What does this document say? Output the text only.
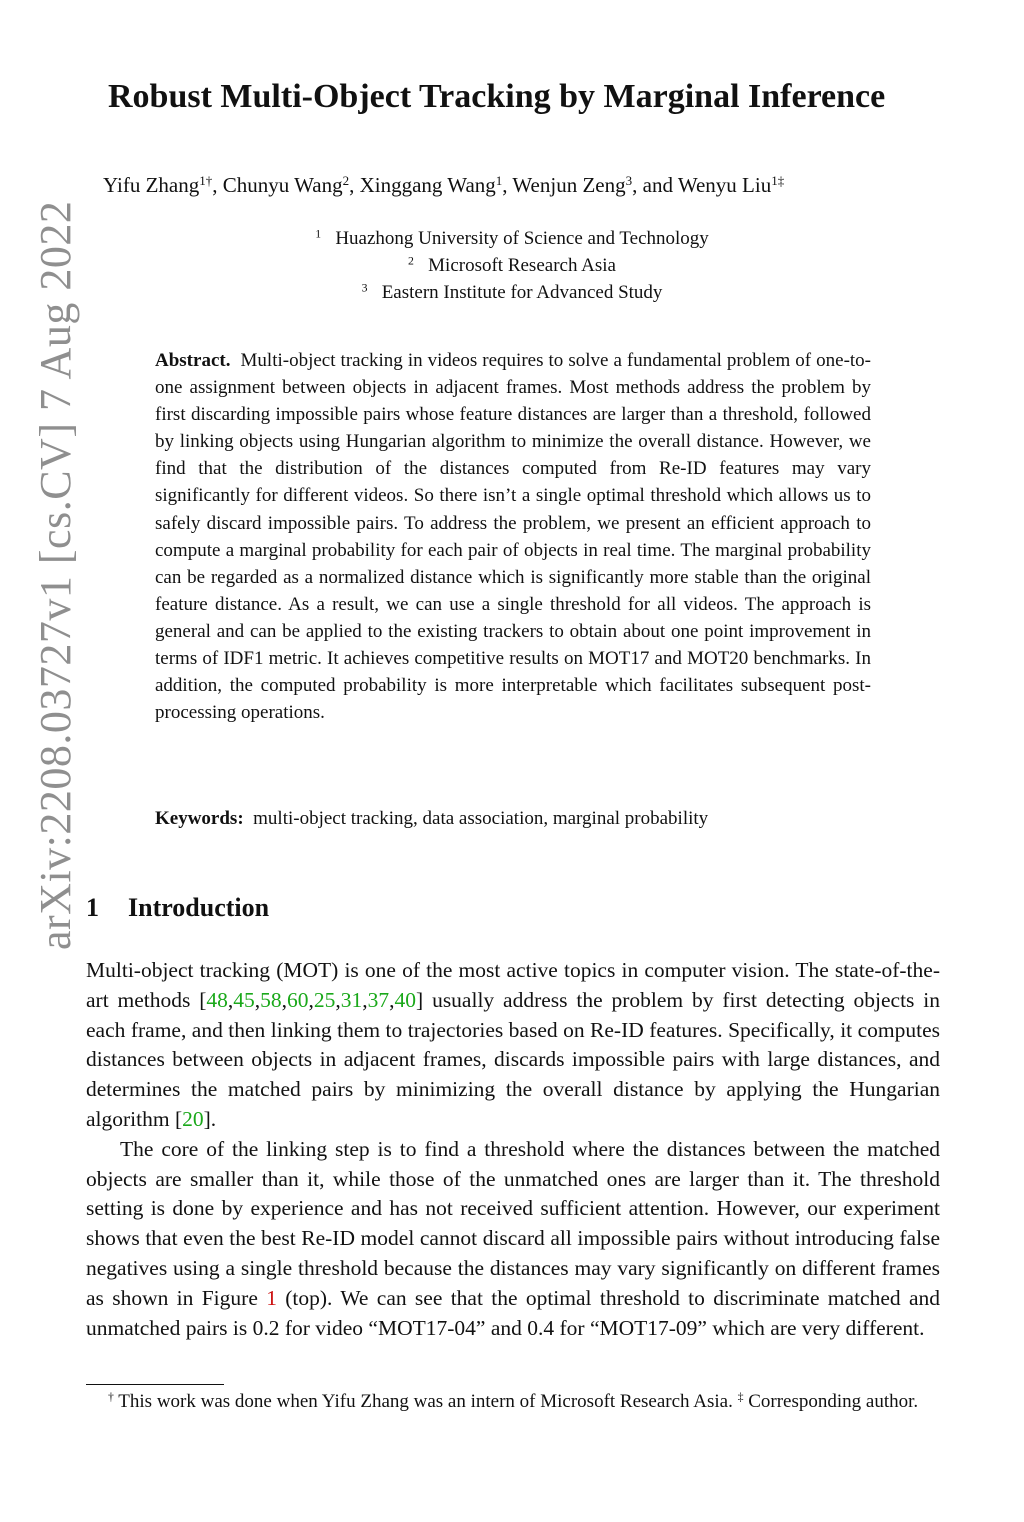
arXiv:2208.03727v1 [cs.CV] 7 Aug 2022
Robust Multi-Object Tracking by Marginal Inference
Yifu Zhang$^{1\dagger}$, Chunyu Wang$^2$, Xinggang Wang$^1$, Wenjun Zeng$^3$, and Wenyu Liu$^{1\ddagger}$
$^1$ Huazhong University of Science and Technology
$^2$ Microsoft Research Asia
$^3$ Eastern Institute for Advanced Study
Abstract. Multi-object tracking in videos requires to solve a fundamental problem of one-to-one assignment between objects in adjacent frames. Most methods address the problem by first discarding impossible pairs whose feature distances are larger than a threshold, followed by linking objects using Hungarian algorithm to minimize the overall distance. However, we find that the distribution of the distances computed from Re-ID features may vary significantly for different videos. So there isn’t a single optimal threshold which allows us to safely discard impossible pairs. To address the problem, we present an efficient approach to compute a marginal probability for each pair of objects in real time. The marginal probability can be regarded as a normalized distance which is significantly more stable than the original feature distance. As a result, we can use a single threshold for all videos. The approach is general and can be applied to the existing trackers to obtain about one point improvement in terms of IDF1 metric. It achieves competitive results on MOT17 and MOT20 benchmarks. In addition, the computed probability is more interpretable which facilitates subsequent post-processing operations.
Keywords: multi-object tracking, data association, marginal probability
1 Introduction

Multi-object tracking (MOT) is one of the most active topics in computer vision. The state-of-the-art methods [48,45,58,60,25,31,37,40] usually address the problem by first detecting objects in each frame, and then linking them to trajectories based on Re-ID features. Specifically, it computes distances between objects in adjacent frames, discards impossible pairs with large distances, and determines the matched pairs by minimizing the overall distance by applying the Hungarian algorithm [20].

The core of the linking step is to find a threshold where the distances between the matched objects are smaller than it, while those of the unmatched ones are larger than it. The threshold setting is done by experience and has not received sufficient attention. However, our experiment shows that even the best Re-ID model cannot discard all impossible pairs without introducing false negatives using a single threshold because the distances may vary significantly on different frames as shown in Figure 1 (top). We can see that the optimal threshold to discriminate matched and unmatched pairs is 0.2 for video “MOT17-04” and 0.4 for “MOT17-09” which are very different.

† This work was done when Yifu Zhang was an intern of Microsoft Research Asia. ‡ Corresponding author.
